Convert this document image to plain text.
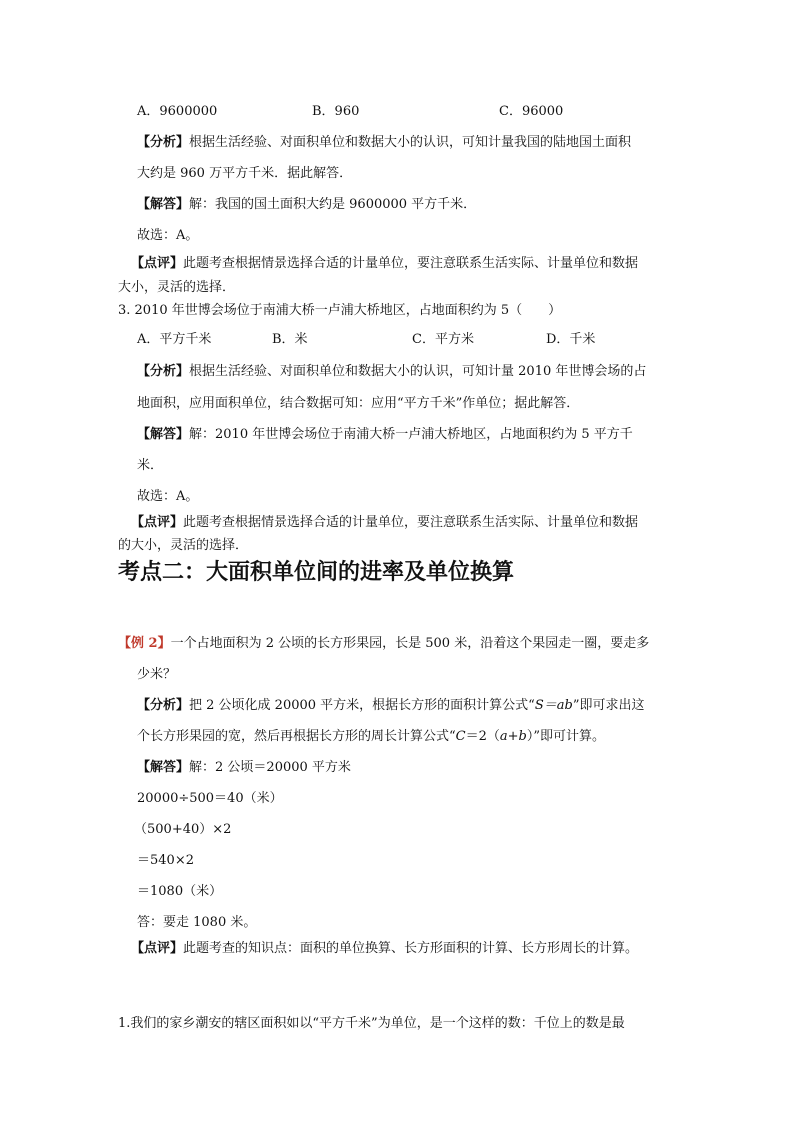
A．9600000	B．960	C．96000
【分析】根据生活经验、对面积单位和数据大小的认识，可知计量我国的陆地国土面积
大约是 960 万平方千米．据此解答．
【解答】解：我国的国土面积大约是 9600000 平方千米．
故选：A。
【点评】此题考查根据情景选择合适的计量单位，要注意联系生活实际、计量单位和数据
大小，灵活的选择．
3. 2010 年世博会场位于南浦大桥一卢浦大桥地区，占地面积约为 5（　　）
A．平方千米	B．米	C．平方米	D．千米
【分析】根据生活经验、对面积单位和数据大小的认识，可知计量 2010 年世博会场的占
地面积，应用面积单位，结合数据可知：应用“平方千米”作单位；据此解答．
【解答】解：2010 年世博会场位于南浦大桥一卢浦大桥地区，占地面积约为 5 平方千
米．
故选：A。
【点评】此题考查根据情景选择合适的计量单位，要注意联系生活实际、计量单位和数据
的大小，灵活的选择．
考点二：大面积单位间的进率及单位换算
【例 2】一个占地面积为 2 公顷的长方形果园，长是 500 米，沿着这个果园走一圈，要走多
少米？
【分析】把 2 公顷化成 20000 平方米，根据长方形的面积计算公式“S＝ab”即可求出这
个长方形果园的宽，然后再根据长方形的周长计算公式“C＝2（a+b）”即可计算。
【解答】解：2 公顷＝20000 平方米
20000÷500＝40（米）
（500+40）×2
＝540×2
＝1080（米）
答：要走 1080 米。
【点评】此题考查的知识点：面积的单位换算、长方形面积的计算、长方形周长的计算。
1.我们的家乡潮安的辖区面积如以“平方千米”为单位，是一个这样的数：千位上的数是最
